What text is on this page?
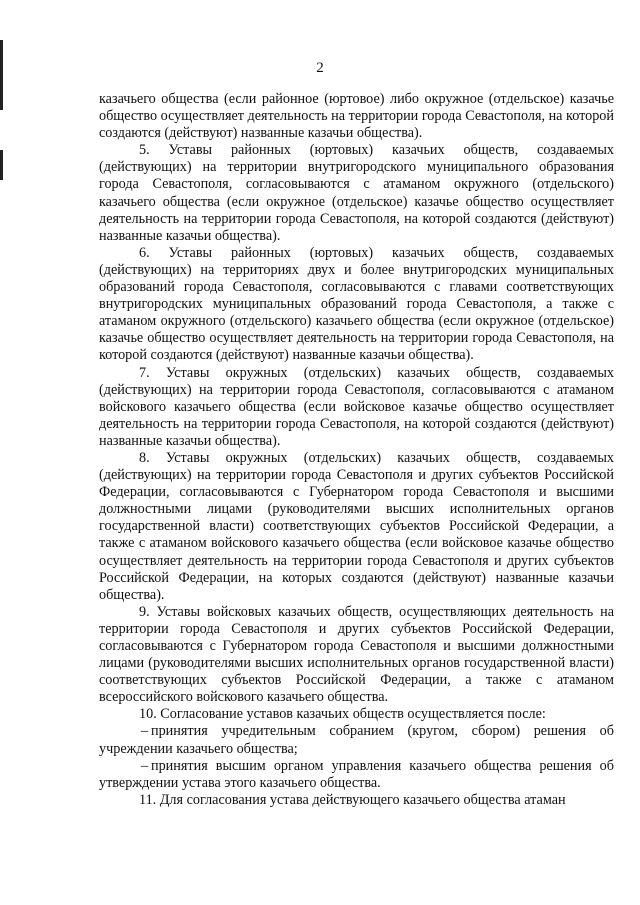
2

казачьего общества (если районное (юртовое) либо окружное (отдельское) казачье общество осуществляет деятельность на территории города Севастополя, на которой создаются (действуют) названные казачьи общества).

5. Уставы районных (юртовых) казачьих обществ, создаваемых (действующих) на территории внутригородского муниципального образования города Севастополя, согласовываются с атаманом окружного (отдельского) казачьего общества (если окружное (отдельское) казачье общество осуществляет деятельность на территории города Севастополя, на которой создаются (действуют) названные казачьи общества).

6. Уставы районных (юртовых) казачьих обществ, создаваемых (действующих) на территориях двух и более внутригородских муниципальных образований города Севастополя, согласовываются с главами соответствующих внутригородских муниципальных образований города Севастополя, а также с атаманом окружного (отдельского) казачьего общества (если окружное (отдельское) казачье общество осуществляет деятельность на территории города Севастополя, на которой создаются (действуют) названные казачьи общества).

7. Уставы окружных (отдельских) казачьих обществ, создаваемых (действующих) на территории города Севастополя, согласовываются с атаманом войскового казачьего общества (если войсковое казачье общество осуществляет деятельность на территории города Севастополя, на которой создаются (действуют) названные казачьи общества).

8. Уставы окружных (отдельских) казачьих обществ, создаваемых (действующих) на территории города Севастополя и других субъектов Российской Федерации, согласовываются с Губернатором города Севастополя и высшими должностными лицами (руководителями высших исполнительных органов государственной власти) соответствующих субъектов Российской Федерации, а также с атаманом войскового казачьего общества (если войсковое казачье общество осуществляет деятельность на территории города Севастополя и других субъектов Российской Федерации, на которых создаются (действуют) названные казачьи общества).

9. Уставы войсковых казачьих обществ, осуществляющих деятельность на территории города Севастополя и других субъектов Российской Федерации, согласовываются с Губернатором города Севастополя и высшими должностными лицами (руководителями высших исполнительных органов государственной власти) соответствующих субъектов Российской Федерации, а также с атаманом всероссийского войскового казачьего общества.

10. Согласование уставов казачьих обществ осуществляется после:

– принятия учредительным собранием (кругом, сбором) решения об учреждении казачьего общества;

– принятия высшим органом управления казачьего общества решения об утверждении устава этого казачьего общества.

11. Для согласования устава действующего казачьего общества атаман
